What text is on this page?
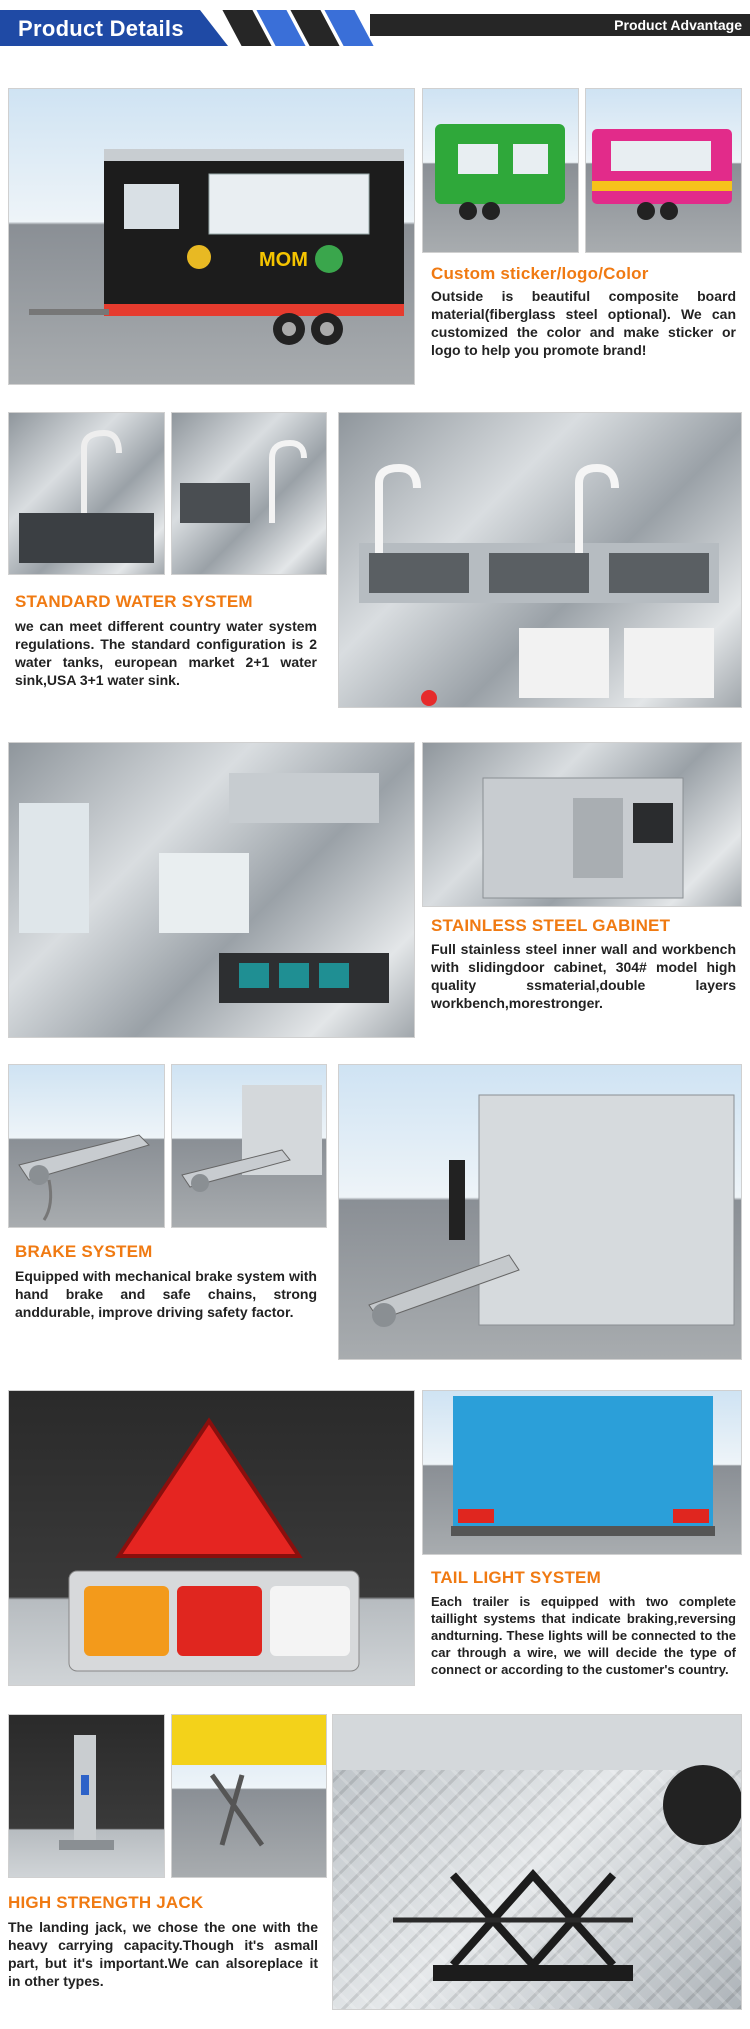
Product Details	Product Advantage
MOM
Custom sticker/logo/Color
Outside is beautiful composite board material(fiberglass steel optional). We can customized the color and make sticker or logo to help you promote brand!
STANDARD WATER SYSTEM
we can meet different country water system regulations. The standard configuration is 2 water tanks, european market 2+1 water sink,USA 3+1 water sink.
STAINLESS STEEL GABINET
Full stainless steel inner wall and workbench with slidingdoor cabinet, 304# model high quality ssmaterial,double layers workbench,morestronger.
BRAKE SYSTEM
Equipped with mechanical brake system with hand brake and safe chains, strong anddurable, improve driving safety factor.
TAIL LIGHT SYSTEM
Each trailer is equipped with two complete taillight systems that indicate braking,reversing andturning. These lights will be connected to the car through a wire, we will decide the type of connect or according to the customer's country.
HIGH STRENGTH JACK
The landing jack, we chose the one with the heavy carrying capacity.Though it's asmall part, but it's important.We can alsoreplace it in other types.
